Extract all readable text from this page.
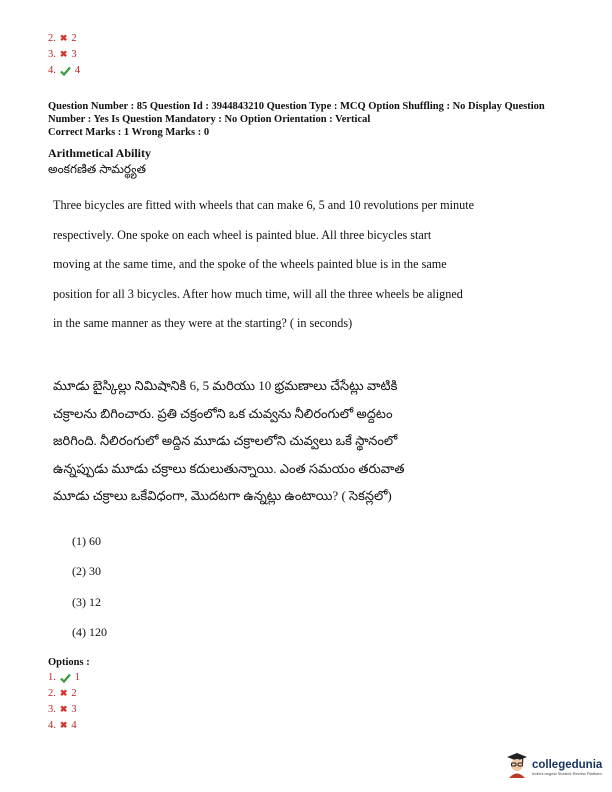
2. ✖ 2
3. ✖ 3
4. 4
Question Number : 85 Question Id : 3944843210 Question Type : MCQ Option Shuffling : No Display Question
Number : Yes Is Question Mandatory : No Option Orientation : Vertical
Correct Marks : 1 Wrong Marks : 0
Arithmetical Ability
అంకగణిత సామర్థ్యత
Three bicycles are fitted with wheels that can make 6, 5 and 10 revolutions per minute
respectively. One spoke on each wheel is painted blue. All three bicycles start
moving at the same time, and the spoke of the wheels painted blue is in the same
position for all 3 bicycles. After how much time, will all the three wheels be aligned
in the same manner as they were at the starting? ( in seconds)
మూడు బైస్కిల్లు నిమిషానికి 6, 5 మరియు 10 భ్రమణాలు చేసేట్లు వాటికి
చక్రాలను బిగించారు. ప్రతి చక్రంలోని ఒక చువ్వను నీలిరంగులో అద్దటం
జరిగింది. నీలిరంగులో అద్దిన మూడు చక్రాలలోని చువ్వలు ఒకే స్థానంలో
ఉన్నప్పుడు మూడు చక్రాలు కదులుతున్నాయి. ఎంత సమయం తరువాత
మూడు చక్రాలు ఒకేవిధంగా, మొదటగా ఉన్నట్లు ఉంటాయి? ( సెకన్లలో)
(1) 60
(2) 30
(3) 12
(4) 120
Options :
1. 1
2. ✖ 2
3. ✖ 3
4. ✖ 4
collegedunia
India's largest Student Review Platform
